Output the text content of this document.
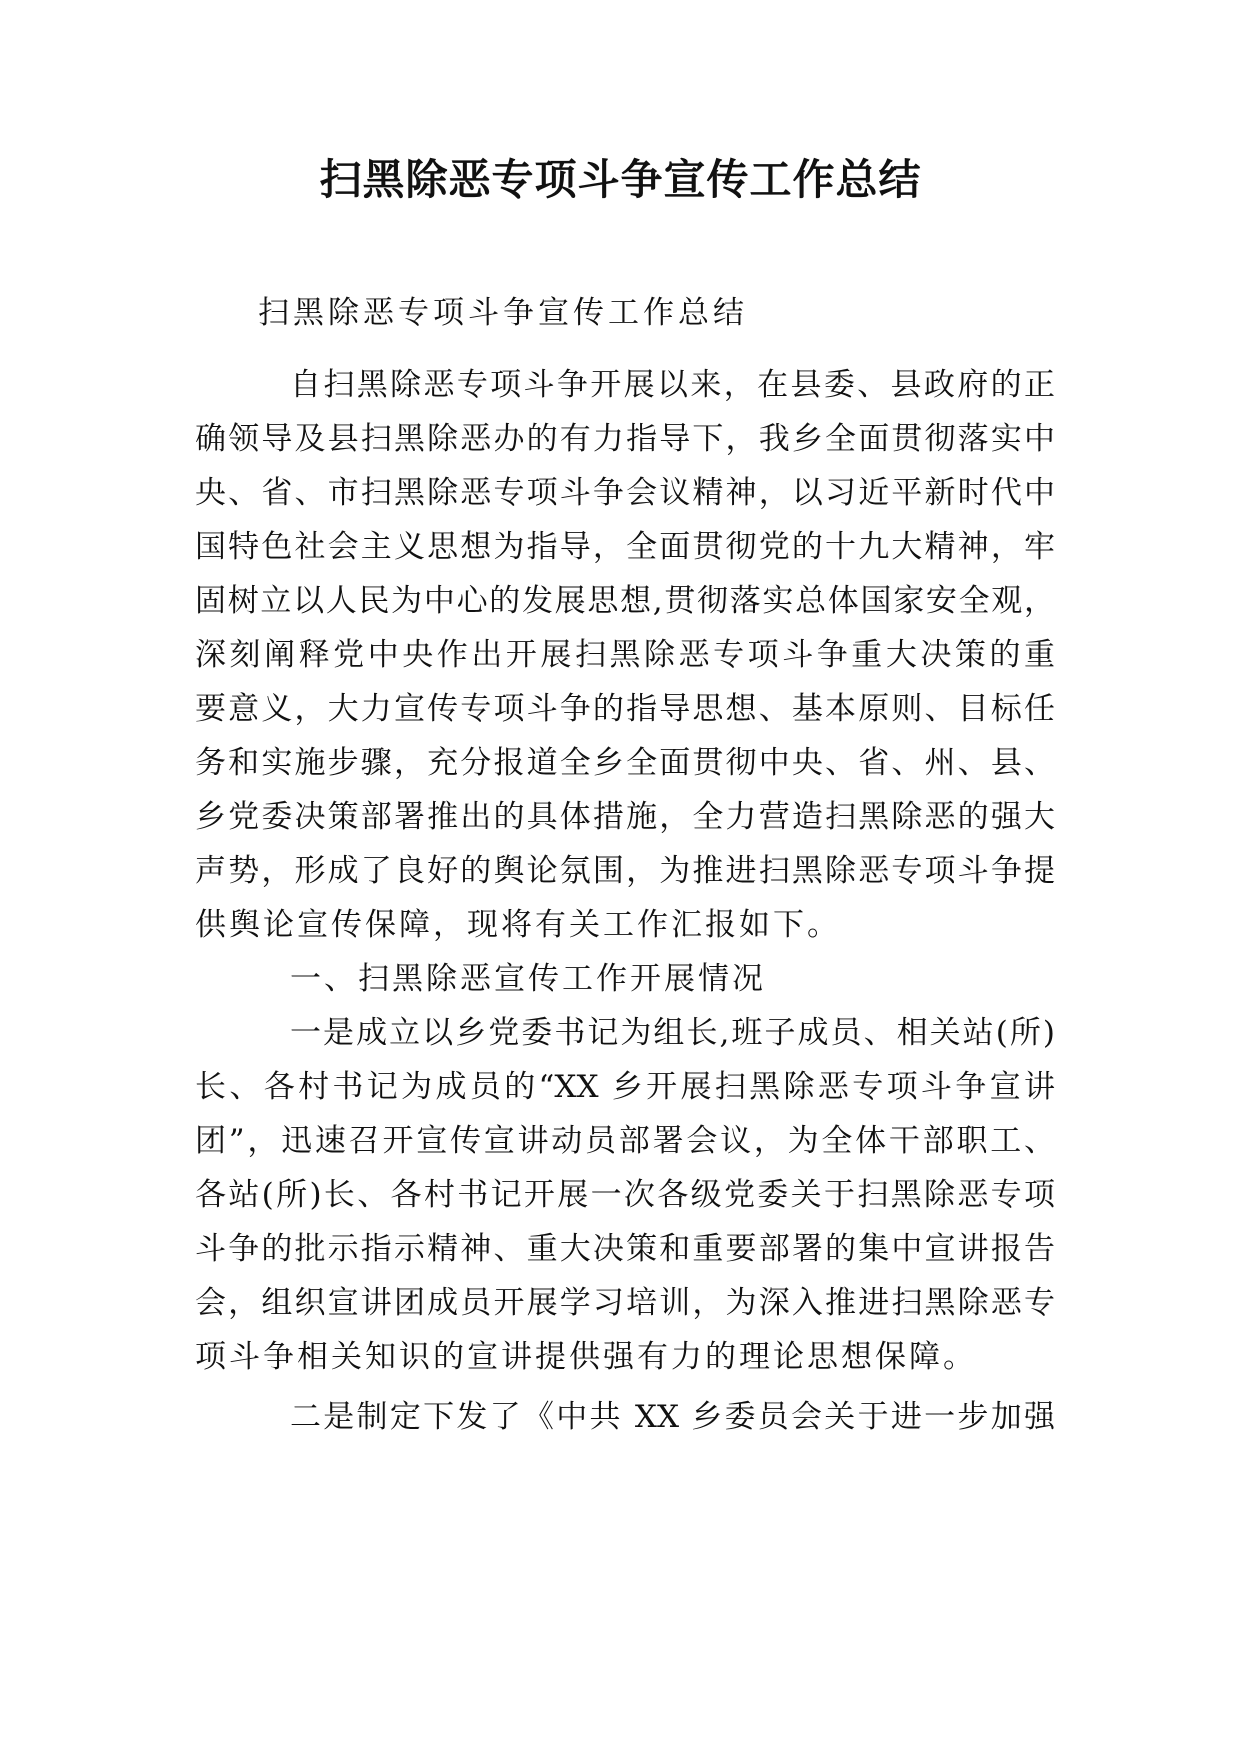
扫黑除恶专项斗争宣传工作总结
扫黑除恶专项斗争宣传工作总结
自扫黑除恶专项斗争开展以来，在县委、县政府的正
确领导及县扫黑除恶办的有力指导下，我乡全面贯彻落实中
央、省、市扫黑除恶专项斗争会议精神，以习近平新时代中
国特色社会主义思想为指导，全面贯彻党的十九大精神，牢
固树立以人民为中心的发展思想,贯彻落实总体国家安全观，
深刻阐释党中央作出开展扫黑除恶专项斗争重大决策的重
要意义，大力宣传专项斗争的指导思想、基本原则、目标任
务和实施步骤，充分报道全乡全面贯彻中央、省、州、县、
乡党委决策部署推出的具体措施，全力营造扫黑除恶的强大
声势，形成了良好的舆论氛围，为推进扫黑除恶专项斗争提
供舆论宣传保障，现将有关工作汇报如下。
一、扫黑除恶宣传工作开展情况
一是成立以乡党委书记为组长,班子成员、相关站(所)
长、各村书记为成员的“XX 乡开展扫黑除恶专项斗争宣讲
团”，迅速召开宣传宣讲动员部署会议，为全体干部职工、
各站(所)长、各村书记开展一次各级党委关于扫黑除恶专项
斗争的批示指示精神、重大决策和重要部署的集中宣讲报告
会，组织宣讲团成员开展学习培训，为深入推进扫黑除恶专
项斗争相关知识的宣讲提供强有力的理论思想保障。
二是制定下发了《中共 XX 乡委员会关于进一步加强
